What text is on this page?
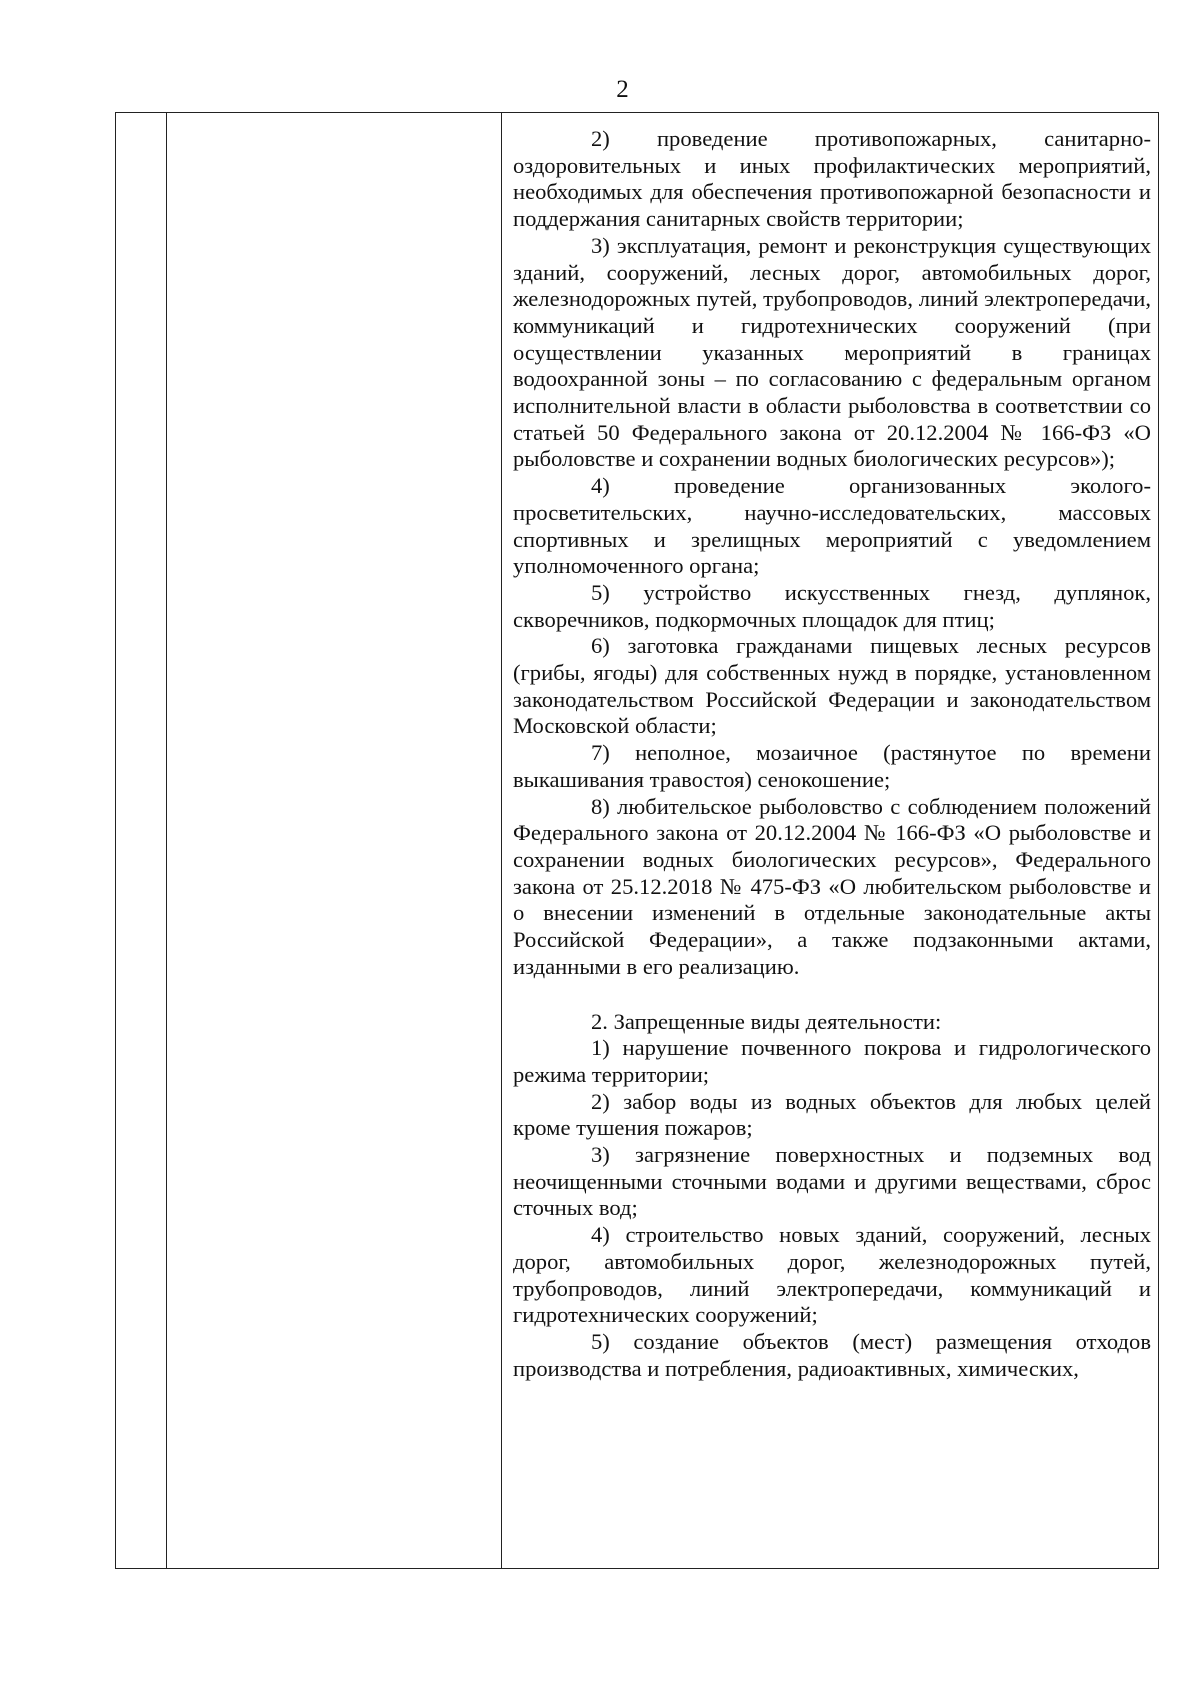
2

2) проведение противопожарных, санитарно-оздоровительных и иных профилактических мероприятий, необходимых для обеспечения противопожарной безопасности и поддержания санитарных свойств территории;

3) эксплуатация, ремонт и реконструкция существующих зданий, сооружений, лесных дорог, автомобильных дорог, железнодорожных путей, трубопроводов, линий электропередачи, коммуникаций и гидротехнических сооружений (при осуществлении указанных мероприятий в границах водоохранной зоны – по согласованию с федеральным органом исполнительной власти в области рыболовства в соответствии со статьей 50 Федерального закона от 20.12.2004 № 166-ФЗ «О рыболовстве и сохранении водных биологических ресурсов»);

4) проведение организованных эколого-просветительских, научно-исследовательских, массовых спортивных и зрелищных мероприятий с уведомлением уполномоченного органа;

5) устройство искусственных гнезд, дуплянок, скворечников, подкормочных площадок для птиц;

6) заготовка гражданами пищевых лесных ресурсов (грибы, ягоды) для собственных нужд в порядке, установленном законодательством Российской Федерации и законодательством Московской области;

7) неполное, мозаичное (растянутое по времени выкашивания травостоя) сенокошение;

8) любительское рыболовство с соблюдением положений Федерального закона от 20.12.2004 № 166-ФЗ «О рыболовстве и сохранении водных биологических ресурсов», Федерального закона от 25.12.2018 № 475-ФЗ «О любительском рыболовстве и о внесении изменений в отдельные законодательные акты Российской Федерации», а также подзаконными актами, изданными в его реализацию.

2. Запрещенные виды деятельности:

1) нарушение почвенного покрова и гидрологического режима территории;

2) забор воды из водных объектов для любых целей кроме тушения пожаров;

3) загрязнение поверхностных и подземных вод неочищенными сточными водами и другими веществами, сброс сточных вод;

4) строительство новых зданий, сооружений, лесных дорог, автомобильных дорог, железнодорожных путей, трубопроводов, линий электропередачи, коммуникаций и гидротехнических сооружений;

5) создание объектов (мест) размещения отходов производства и потребления, радиоактивных, химических,
